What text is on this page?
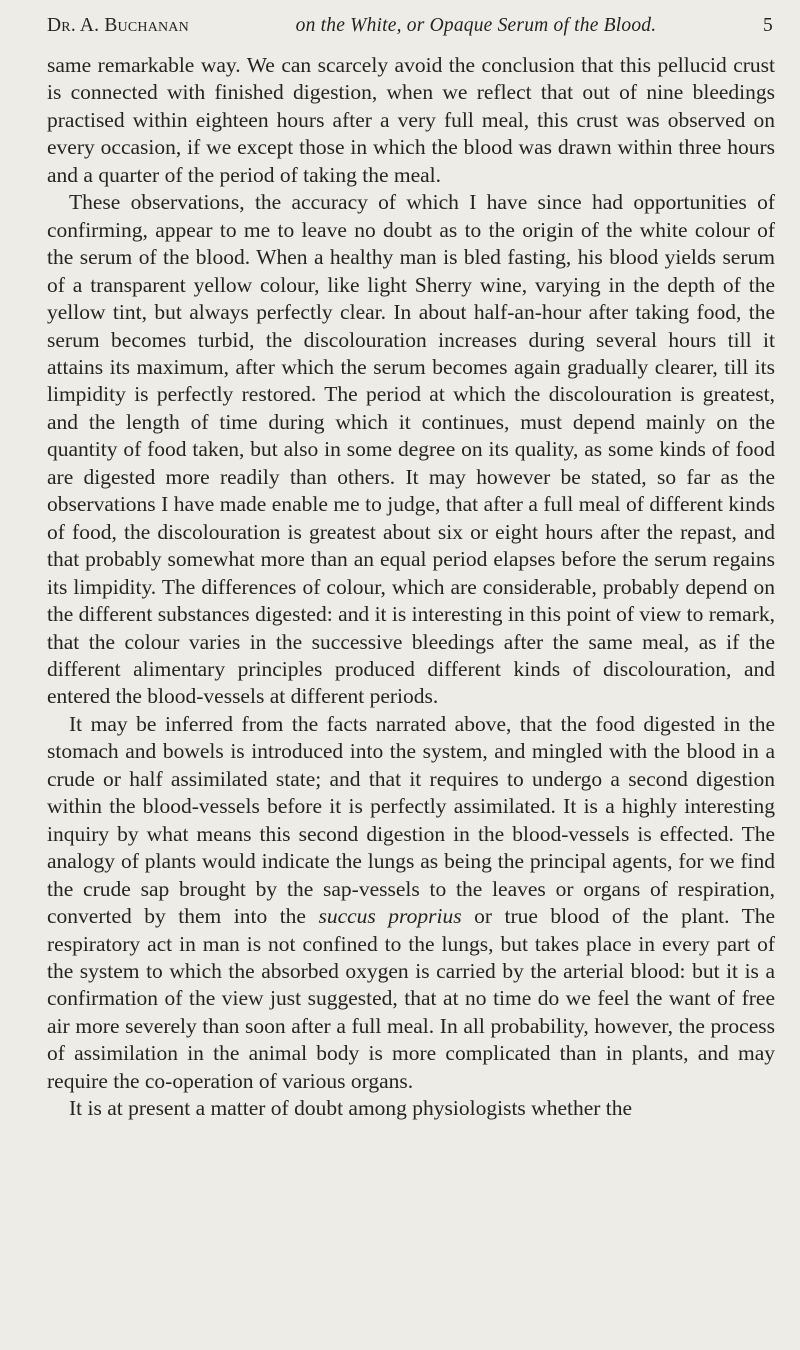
Dr. A. Buchanan	on the White, or Opaque Serum of the Blood.	5

same remarkable way. We can scarcely avoid the conclusion that this pellucid crust is connected with finished digestion, when we reflect that out of nine bleedings practised within eighteen hours after a very full meal, this crust was observed on every occasion, if we except those in which the blood was drawn within three hours and a quarter of the period of taking the meal.

These observations, the accuracy of which I have since had opportunities of confirming, appear to me to leave no doubt as to the origin of the white colour of the serum of the blood. When a healthy man is bled fasting, his blood yields serum of a transparent yellow colour, like light Sherry wine, varying in the depth of the yellow tint, but always perfectly clear. In about half-an-hour after taking food, the serum becomes turbid, the discolouration increases during several hours till it attains its maximum, after which the serum becomes again gradually clearer, till its limpidity is perfectly restored. The period at which the discolouration is greatest, and the length of time during which it continues, must depend mainly on the quantity of food taken, but also in some degree on its quality, as some kinds of food are digested more readily than others. It may however be stated, so far as the observations I have made enable me to judge, that after a full meal of different kinds of food, the discolouration is greatest about six or eight hours after the repast, and that probably somewhat more than an equal period elapses before the serum regains its limpidity. The differences of colour, which are considerable, probably depend on the different substances digested: and it is interesting in this point of view to remark, that the colour varies in the successive bleedings after the same meal, as if the different alimentary principles produced different kinds of discolouration, and entered the blood-vessels at different periods.

It may be inferred from the facts narrated above, that the food digested in the stomach and bowels is introduced into the system, and mingled with the blood in a crude or half assimilated state; and that it requires to undergo a second digestion within the blood-vessels before it is perfectly assimilated. It is a highly interesting inquiry by what means this second digestion in the blood-vessels is effected. The analogy of plants would indicate the lungs as being the principal agents, for we find the crude sap brought by the sap-vessels to the leaves or organs of respiration, converted by them into the succus proprius or true blood of the plant. The respiratory act in man is not confined to the lungs, but takes place in every part of the system to which the absorbed oxygen is carried by the arterial blood: but it is a confirmation of the view just suggested, that at no time do we feel the want of free air more severely than soon after a full meal. In all probability, however, the process of assimilation in the animal body is more complicated than in plants, and may require the co-operation of various organs.

It is at present a matter of doubt among physiologists whether the
